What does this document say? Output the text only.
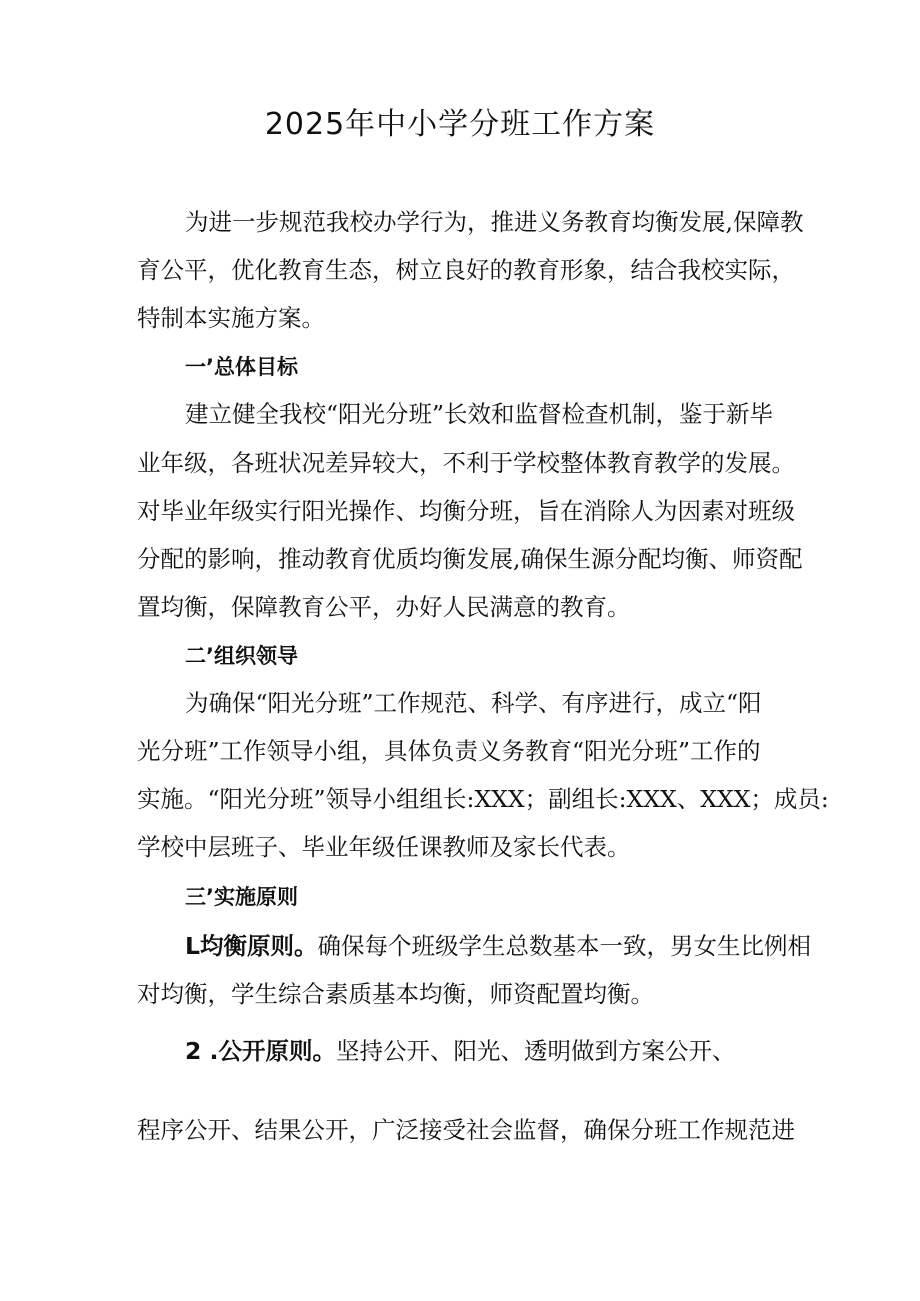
2025年中小学分班工作方案
为进一步规范我校办学行为，推进义务教育均衡发展,保障教
育公平，优化教育生态，树立良好的教育形象，结合我校实际，
特制本实施方案。
一’总体目标
建立健全我校“阳光分班”长效和监督检查机制，鉴于新毕
业年级，各班状况差异较大，不利于学校整体教育教学的发展。
对毕业年级实行阳光操作、均衡分班，旨在消除人为因素对班级
分配的影响，推动教育优质均衡发展,确保生源分配均衡、师资配
置均衡，保障教育公平，办好人民满意的教育。
二’组织领导
为确保“阳光分班”工作规范、科学、有序进行，成立“阳
光分班”工作领导小组，具体负责义务教育“阳光分班”工作的
实施。“阳光分班”领导小组组长:XXX；副组长:XXX、XXX；成员:
学校中层班子、毕业年级任课教师及家长代表。
三’实施原则
L均衡原则。确保每个班级学生总数基本一致，男女生比例相
对均衡，学生综合素质基本均衡，师资配置均衡。
2 .公开原则。坚持公开、阳光、透明做到方案公开、
程序公开、结果公开，广泛接受社会监督，确保分班工作规范进
